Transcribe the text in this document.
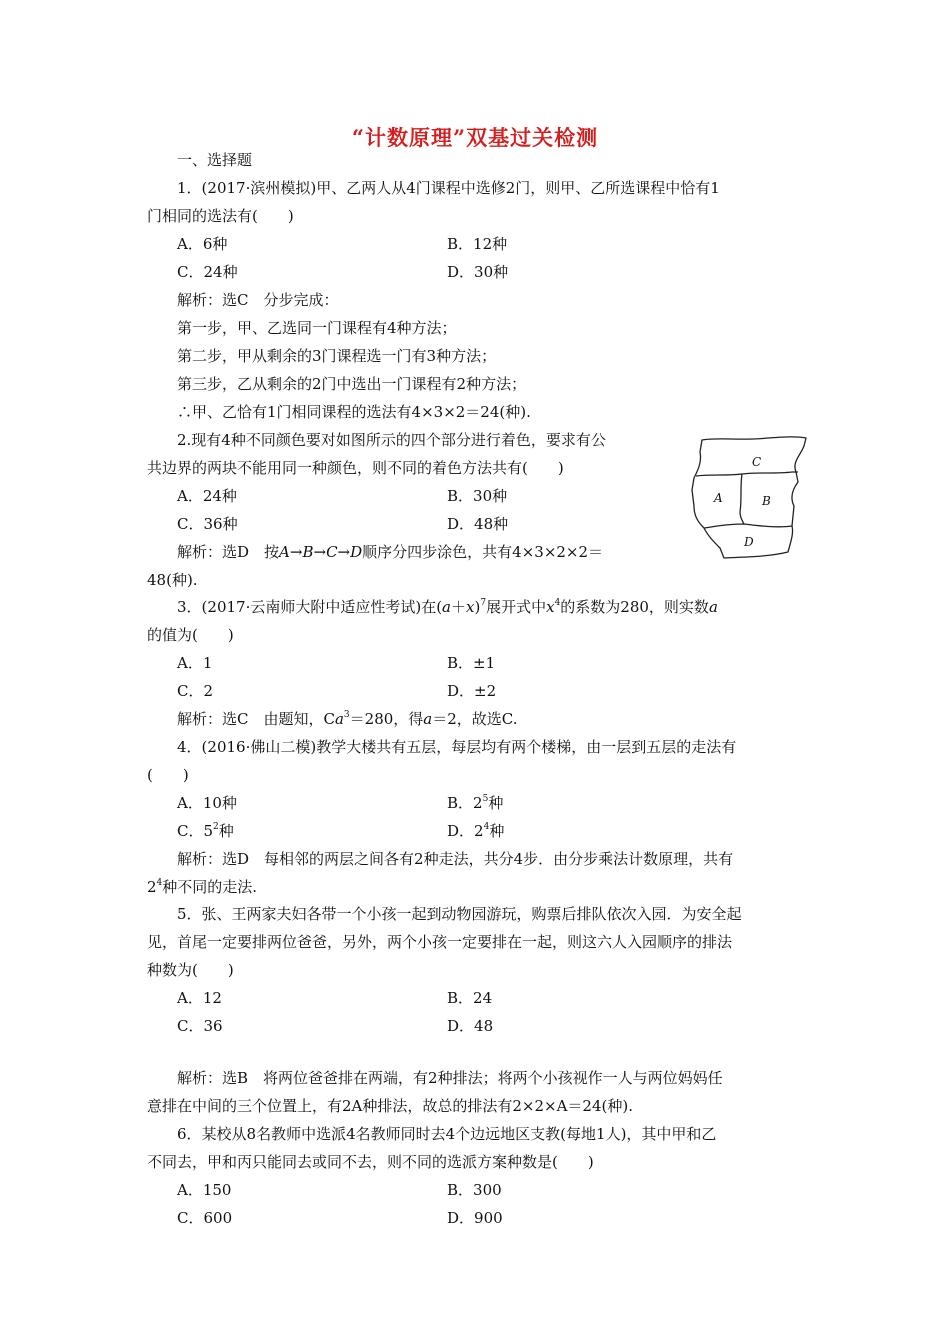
“计数原理”双基过关检测
一、选择题
1．(2017·滨州模拟)甲、乙两人从4门课程中选修2门，则甲、乙所选课程中恰有1
门相同的选法有(　　)
A．6种	B．12种
C．24种	D．30种
解析：选C　分步完成：
第一步，甲、乙选同一门课程有4种方法；
第二步，甲从剩余的3门课程选一门有3种方法；
第三步，乙从剩余的2门中选出一门课程有2种方法；
∴甲、乙恰有1门相同课程的选法有4×3×2＝24(种).
2.现有4种不同颜色要对如图所示的四个部分进行着色，要求有公
共边界的两块不能用同一种颜色，则不同的着色方法共有(　　)
A．24种	B．30种
C．36种	D．48种
解析：选D　按A→B→C→D顺序分四步涂色，共有4×3×2×2＝
48(种).
C
A	B
D
3．(2017·云南师大附中适应性考试)在$(a+x)^7$展开式中$x^4$的系数为280，则实数a
的值为(　　)
A．1	B．±1
C．2	D．±2
解析：选C　由题知，$Ca^3=280$，得a＝2，故选C.
4．(2016·佛山二模)教学大楼共有五层，每层均有两个楼梯，由一层到五层的走法有
(　　)
A．10种	B．$2^5$种
C．$5^2$种	D．$2^4$种
解析：选D　每相邻的两层之间各有2种走法，共分4步．由分步乘法计数原理，共有
$2^4$种不同的走法.
5．张、王两家夫妇各带一个小孩一起到动物园游玩，购票后排队依次入园．为安全起
见，首尾一定要排两位爸爸，另外，两个小孩一定要排在一起，则这六人入园顺序的排法
种数为(　　)
A．12	B．24
C．36	D．48
解析：选B　将两位爸爸排在两端，有2种排法；将两个小孩视作一人与两位妈妈任
意排在中间的三个位置上，有2A种排法，故总的排法有2×2×A＝24(种).
6．某校从8名教师中选派4名教师同时去4个边远地区支教(每地1人)，其中甲和乙
不同去，甲和丙只能同去或同不去，则不同的选派方案种数是(　　)
A．150	B．300
C．600	D．900
